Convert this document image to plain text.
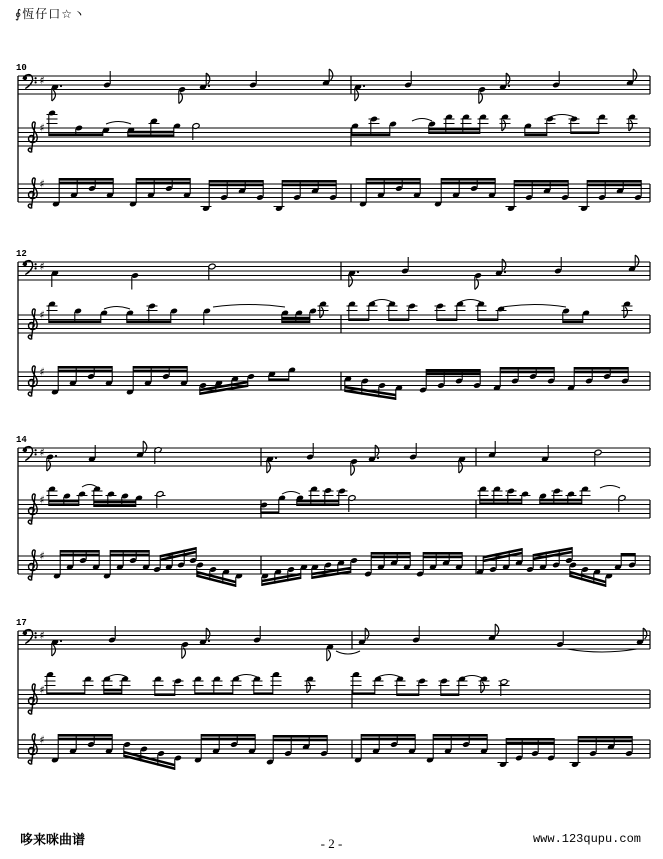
∮恆仔口☆丶
10
♯
♯
♯
12
♯
♯
♯
14
♯
♯
♯
17
♯
♯
♯
哆来咪曲谱	- 2 -	www.123qupu.com
